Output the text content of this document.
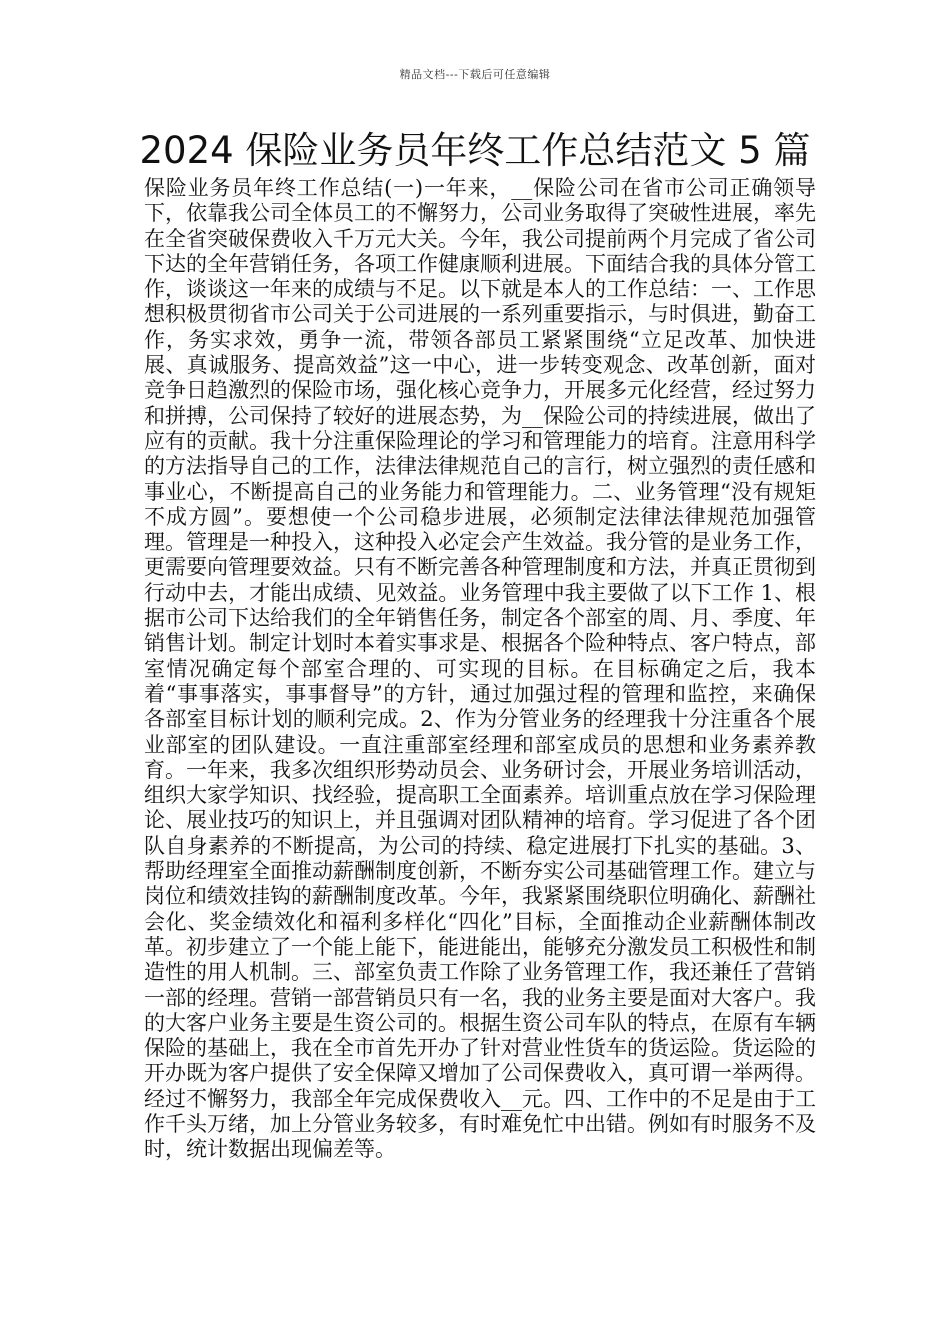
精品文档---下载后可任意编辑
2024 保险业务员年终工作总结范文 5 篇
保险业务员年终工作总结(一)一年来，__保险公司在省市公司正确领导下，依靠我公司全体员工的不懈努力，公司业务取得了突破性进展，率先在全省突破保费收入千万元大关。今年，我公司提前两个月完成了省公司下达的全年营销任务，各项工作健康顺利进展。下面结合我的具体分管工作，谈谈这一年来的成绩与不足。以下就是本人的工作总结：一、工作思想积极贯彻省市公司关于公司进展的一系列重要指示，与时俱进，勤奋工作，务实求效，勇争一流，带领各部员工紧紧围绕“立足改革、加快进展、真诚服务、提高效益”这一中心，进一步转变观念、改革创新，面对竞争日趋激烈的保险市场，强化核心竞争力，开展多元化经营，经过努力和拼搏，公司保持了较好的进展态势，为__保险公司的持续进展，做出了应有的贡献。我十分注重保险理论的学习和管理能力的培育。注意用科学的方法指导自己的工作，法律法律规范自己的言行，树立强烈的责任感和事业心，不断提高自己的业务能力和管理能力。二、业务管理“没有规矩不成方圆”。要想使一个公司稳步进展，必须制定法律法律规范加强管理。管理是一种投入，这种投入必定会产生效益。我分管的是业务工作，更需要向管理要效益。只有不断完善各种管理制度和方法，并真正贯彻到行动中去，才能出成绩、见效益。业务管理中我主要做了以下工作 1、根据市公司下达给我们的全年销售任务，制定各个部室的周、月、季度、年销售计划。制定计划时本着实事求是、根据各个险种特点、客户特点，部室情况确定每个部室合理的、可实现的目标。在目标确定之后，我本着“事事落实，事事督导”的方针，通过加强过程的管理和监控，来确保各部室目标计划的顺利完成。2、作为分管业务的经理我十分注重各个展业部室的团队建设。一直注重部室经理和部室成员的思想和业务素养教育。一年来，我多次组织形势动员会、业务研讨会，开展业务培训活动，组织大家学知识、找经验，提高职工全面素养。培训重点放在学习保险理论、展业技巧的知识上，并且强调对团队精神的培育。学习促进了各个团队自身素养的不断提高，为公司的持续、稳定进展打下扎实的基础。3、帮助经理室全面推动薪酬制度创新，不断夯实公司基础管理工作。建立与岗位和绩效挂钩的薪酬制度改革。今年，我紧紧围绕职位明确化、薪酬社会化、奖金绩效化和福利多样化“四化”目标，全面推动企业薪酬体制改革。初步建立了一个能上能下，能进能出，能够充分激发员工积极性和制造性的用人机制。三、部室负责工作除了业务管理工作，我还兼任了营销一部的经理。营销一部营销员只有一名，我的业务主要是面对大客户。我的大客户业务主要是生资公司的。根据生资公司车队的特点，在原有车辆保险的基础上，我在全市首先开办了针对营业性货车的货运险。货运险的开办既为客户提供了安全保障又增加了公司保费收入，真可谓一举两得。经过不懈努力，我部全年完成保费收入__元。四、工作中的不足是由于工作千头万绪，加上分管业务较多，有时难免忙中出错。例如有时服务不及时，统计数据出现偏差等。
